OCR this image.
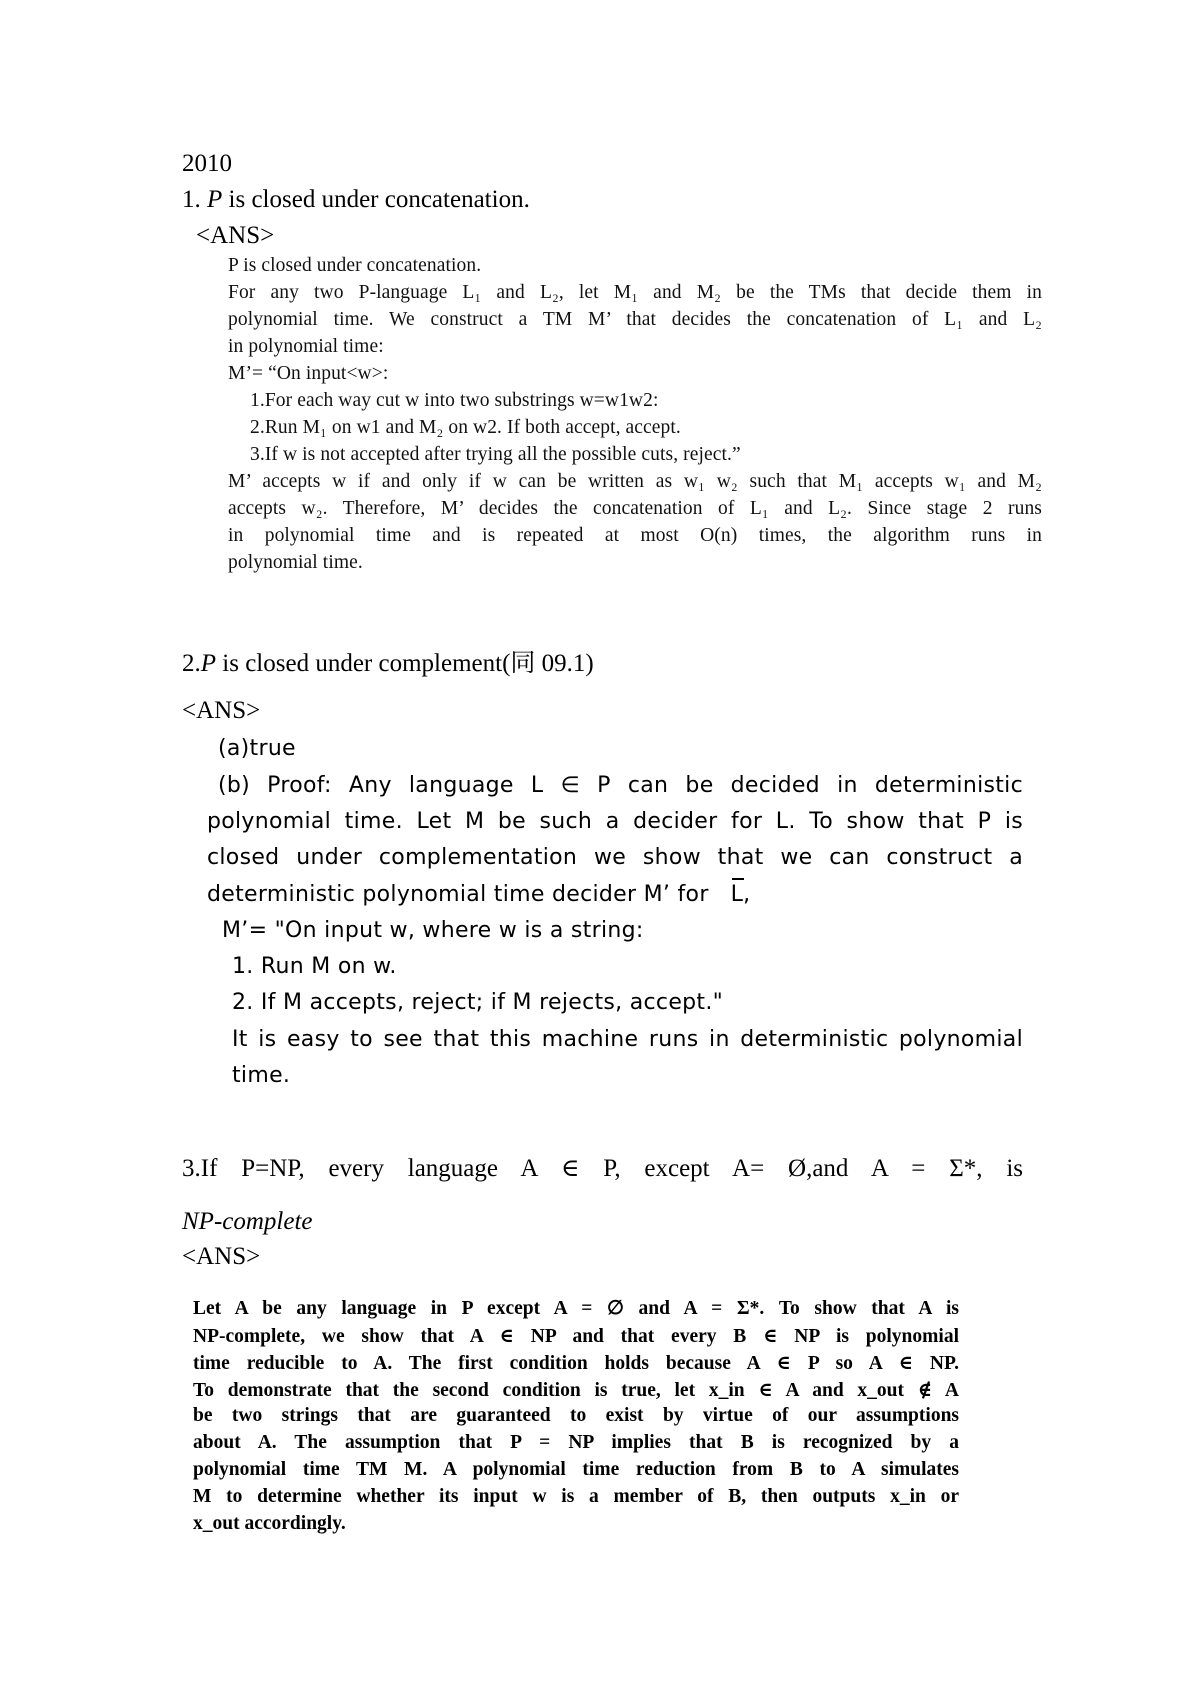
2010
1. P is closed under concatenation.
<ANS>
P is closed under concatenation.
For any two P-language L₁ and L₂, let M₁ and M₂ be the TMs that decide them in
polynomial time. We construct a TM M’ that decides the concatenation of L₁ and L₂
in polynomial time:
M’= “On input<w>:
1.For each way cut w into two substrings w=w1w2:
2.Run M₁ on w1 and M₂ on w2. If both accept, accept.
3.If w is not accepted after trying all the possible cuts, reject.”
M’ accepts w if and only if w can be written as w₁ w₂ such that M₁ accepts w₁ and M₂
accepts w₂. Therefore, M’ decides the concatenation of L₁ and L₂. Since stage 2 runs
in polynomial time and is repeated at most O(n) times, the algorithm runs in
polynomial time.
2.P is closed under complement(同 09.1)
<ANS>
(a)true
(b) Proof: Any language L ∈ P can be decided in deterministic
polynomial time. Let M be such a decider for L. To show that P is
closed under complementation we show that we can construct a
deterministic polynomial time decider M’ for L,
M’= "On input w, where w is a string:
1. Run M on w.
2. If M accepts, reject; if M rejects, accept."
It is easy to see that this machine runs in deterministic polynomial
time.
3.If P=NP, every language A ∈ P, except A= Ø,and A = Σ*, is
NP-complete
<ANS>
Let A be any language in P except A = ∅ and A = Σ*. To show that A is
NP-complete, we show that A ∈ NP and that every B ∈ NP is polynomial
time reducible to A. The first condition holds because A ∈ P so A ∈ NP.
To demonstrate that the second condition is true, let x_in ∈ A and x_out ∉ A
be two strings that are guaranteed to exist by virtue of our assumptions
about A. The assumption that P = NP implies that B is recognized by a
polynomial time TM M. A polynomial time reduction from B to A simulates
M to determine whether its input w is a member of B, then outputs x_in or
x_out accordingly.
